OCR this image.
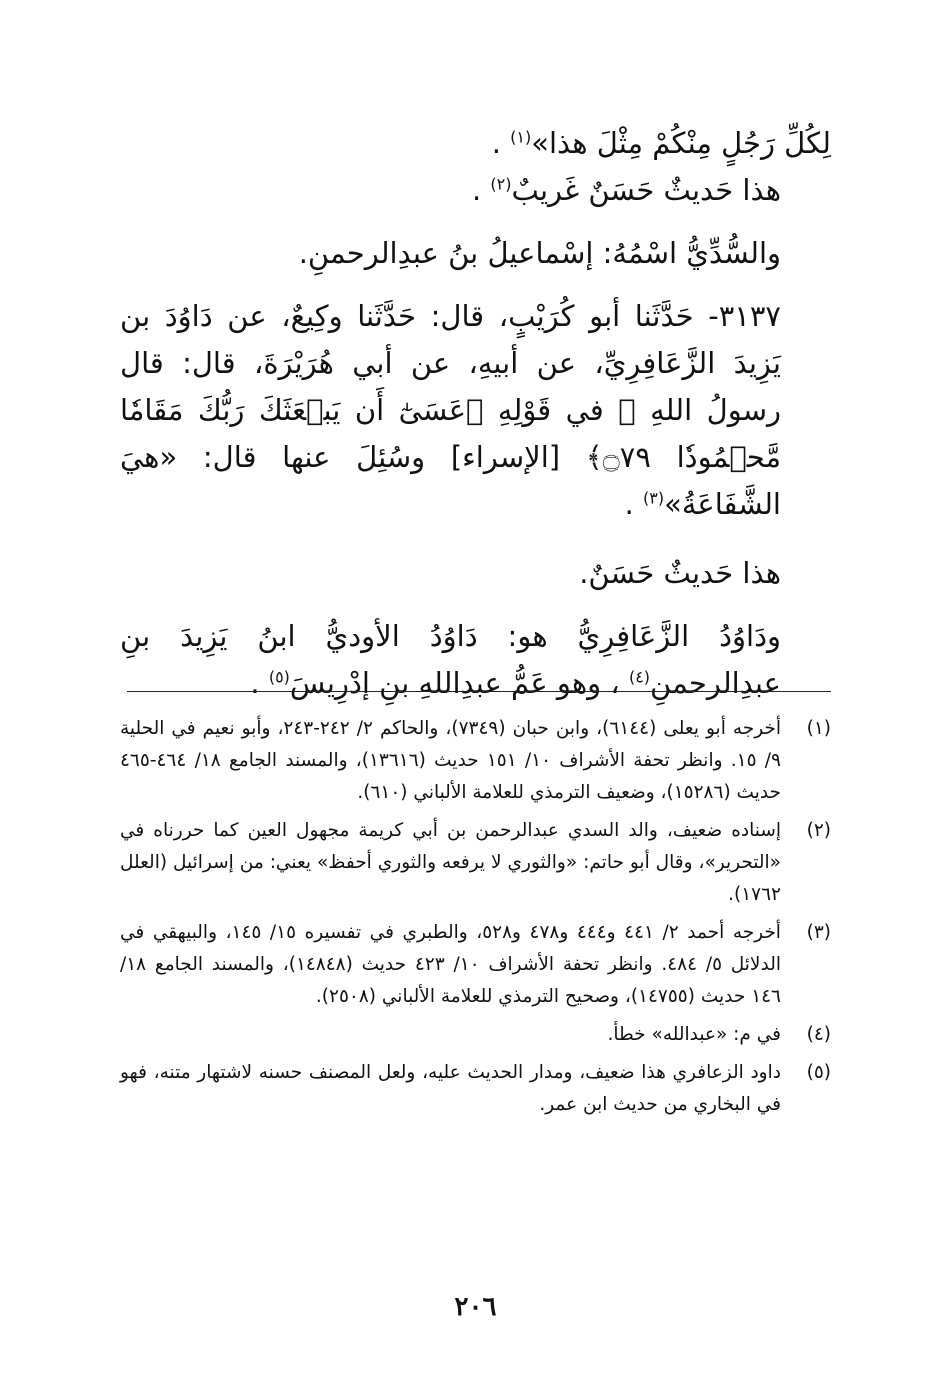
لِكُلِّ رَجُلٍ مِنْكُمْ مِثْلَ هذا»$^{(١)}$ .

هذا حَديثٌ حَسَنٌ غَريبٌ$^{(٢)}$ .

والسُّدِّيُّ اسْمُهُ: إسْماعيلُ بنُ عبدِالرحمنِ.

٣١٣٧- حَدَّثَنا أبو كُرَيْبٍ، قال: حَدَّثَنا وكِيعٌ، عن دَاوُدَ بن يَزِيدَ الزَّعَافِرِيِّ، عن أبيهِ، عن أبي هُرَيْرَةَ، قال: قال رسولُ اللهِ ﷺ في قَوْلِهِ ﴿عَسَىٰٓ أَن يَبۡعَثَكَ رَبُّكَ مَقَامٗا مَّحۡمُودٗا ۝٧٩﴾ [الإسراء] وسُئِلَ عنها قال: «هيَ الشَّفَاعَةُ»$^{(٣)}$ .

هذا حَديثٌ حَسَنٌ.

ودَاوُدُ الزَّعَافِرِيُّ هو: دَاوُدُ الأوديُّ ابنُ يَزِيدَ بنِ عبدِالرحمنِ$^{(٤)}$ ، وهو عَمُّ عبدِاللهِ بنِ إدْرِيسَ$^{(٥)}$ .

(١)
أخرجه أبو يعلى (٦١٤٤)، وابن حبان (٧٣٤٩)، والحاكم ٢/ ٢٤٢-٢٤٣، وأبو نعيم في الحلية ٩/ ١٥. وانظر تحفة الأشراف ١٠/ ١٥١ حديث (١٣٦١٦)، والمسند الجامع ١٨/ ٤٦٤-٤٦٥ حديث (١٥٢٨٦)، وضعيف الترمذي للعلامة الألباني (٦١٠).
(٢)
إسناده ضعيف، والد السدي عبدالرحمن بن أبي كريمة مجهول العين كما حررناه في «التحرير»، وقال أبو حاتم: «والثوري لا يرفعه والثوري أحفظ» يعني: من إسرائيل (العلل ١٧٦٢).
(٣)
أخرجه أحمد ٢/ ٤٤١ و٤٤٤ و٤٧٨ و٥٢٨، والطبري في تفسيره ١٥/ ١٤٥، والبيهقي في الدلائل ٥/ ٤٨٤. وانظر تحفة الأشراف ١٠/ ٤٢٣ حديث (١٤٨٤٨)، والمسند الجامع ١٨/ ١٤٦ حديث (١٤٧٥٥)، وصحيح الترمذي للعلامة الألباني (٢٥٠٨).
(٤)
في م: «عبدالله» خطأ.
(٥)
داود الزعافري هذا ضعيف، ومدار الحديث عليه، ولعل المصنف حسنه لاشتهار متنه، فهو في البخاري من حديث ابن عمر.
٢٠٦
